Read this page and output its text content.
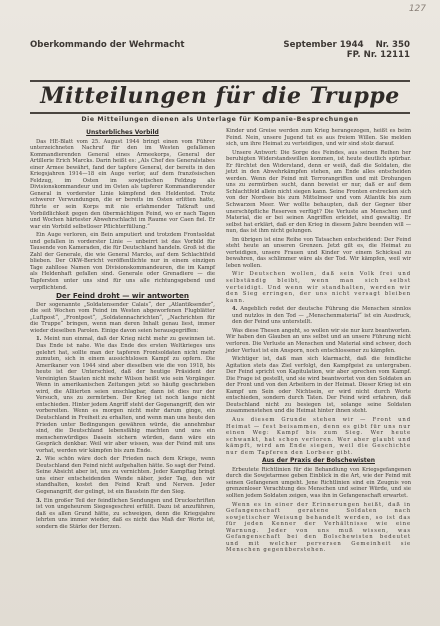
127
Oberkommando der Wehrmacht	September 1944 Nr. 350
FP. Nr. 12111
Mitteilungen für die Truppe
Die Mitteilungen dienen als Unterlage für Kompanie-Besprechungen
Unsterbliches Vorbild

Das HE-Blatt vom 25. August 1944 bringt einen vom Führer unterzeichneten Nachruf für den im Westen gefallenen Kommandierenden General eines Armeekorps, General der Artillerie Erich Marcks. Darin heißt es: „Als Chef des Generalstabes einer Armee bewährt, fand der tapfere General, der bereits in den Kriegsjahren 1914—18 ein Auge verlor, auf dem französischen Feldzug, im Osten im sowjetischen Feldzug als Divisionskommandeur und im Osten als tapferer Kommandierender General in vorderster Linie kämpfend den Heldentod. Trotz schwerer Verwundungen, die er bereits im Osten erlitten hatte, führte er sein Korps mit nie erlahmender Tatkraft und Vorbildlichkeit gegen den übermächtigen Feind, wo er nach Tagen und Wochen härtester Abwehrschlacht im Raume vor Caen fiel. Er war ein Vorbild selbstloser Pflichterfüllung.“

Ein Auge verloren, ein Bein amputiert und trotzdem Frontsoldat und gefallen in vorderster Linie — unbeirrt ist das Vorbild für Tausende von Kameraden, die für Deutschland handeln. Groß ist die Zahl der Generale, die wie General Marcks, auf dem Schlachtfeld blieben. Der OKW-Bericht veröffentlichte nur in einem einzigen Tage zahllose Namen von Divisionskommandeuren, die im Kampf als Heldenhaft gefallen sind. Generale oder Grenadiere — die Tapfersten unter uns sind für uns alle richtungsgebend und verpflichtend.

Der Feind droht — wir antworten

Der sogenannte „Soldatensender Calais“, der „Atlantiksender“, die seit Wochen vom Feind im Westen abgeworfenen Flugblätter „Luftpost“, „Frontpost“, „Soldatennachrichten“, „Nachrichten für die Truppe“ bringen, wenn man deren Inhalt genau liest, immer wieder dieselben Parolen. Einige davon seien herausgegriffen:

1. Meint nun einmal, daß der Krieg nicht mehr zu gewinnen ist. Das Ende ist nahe. Wie das Ende des ersten Weltkrieges uns gelehrt hat, sollte man der tapferen Frontsoldaten nicht mehr zumuten, sich in einem aussichtslosen Kampf zu opfern. Die Amerikaner von 1944 sind aber dieselben wie die von 1918, bis heute ist der Unterschied, daß der heutige Präsident der Vereinigten Staaten nicht mehr Wilson heißt wie sein Vorgänger. Wenn in amerikanischen Zeitungen jetzt so häufig geschrieben wird, die Alliierten seien unschlagbar, dann ist dies nur der Versuch, uns zu zermürben. Der Krieg ist noch lange nicht entschieden. Hinter jedem Angriff steht der Gegenangriff, den wir vorbereiten. Wenn es morgen nicht mehr darum ginge, ein Deutschland in Freiheit zu erhalten, und wenn man uns heute den Frieden unter Bedingungen gewähren würde, die annehmbar sind, die Deutschland lebensfähig machten und uns ein menschenwürdiges Dasein sichern würden, dann wäre ein Gespräch denkbar. Weil wir aber wissen, was der Feind mit uns vorhat, werden wir kämpfen bis zum Ende.

2. Wie schön wäre doch der Frieden nach dem Kriege, wenn Deutschland den Feind nicht aufgehalten hätte. So sagt der Feind. Seine Absicht aber ist, uns zu vernichten. Jeder Kampftag bringt uns einer entscheidenden Wende näher, jeder Tag, den wir standhalten, kostet den Feind Kraft und Nerven. Jeder Gegenangriff, der gelingt, ist ein Baustein für den Sieg.

3. Ein großer Teil der feindlichen Sendungen und Druckschriften ist von ungeheurem Siegesgeschrei erfüllt. Dazu ist anzuführen, daß es allen Grund hätte, zu schweigen, denn die Kriegsjahre lehrten uns immer wieder, daß es nicht das Maß der Worte ist, sondern die Stärke der Herzen.

Kinder und Greise werden zum Krieg herangezogen, heißt es beim Feind. Nein, unsere Jugend tut es aus freiem Willen. Sie melden sich, um ihre Heimat zu verteidigen, und wir sind stolz darauf.

Unsere Antwort: Die Sorge des Feindes, aus seinen Reihen her beruhigten Widerstandswillen kommen, ist heute deutlich spürbar. Er fürchtet den Widerstand, denn er weiß, daß die Soldaten, die jetzt in den Abwehrkämpfen stehen, am Ende alles entscheiden werden. Wenn der Feind mit Terrorangriffen und mit Drohungen uns zu zermürben sucht, dann beweist er nur, daß er auf dem Schlachtfeld allein nicht siegen kann. Seine Fronten erstrecken sich von der Nordsee bis zum Mittelmeer und vom Atlantik bis zum Schwarzen Meer. Wer wollte behaupten, daß der Gegner über unerschöpfliche Reserven verfügt? Die Verluste an Menschen und Material, die er bei seinen Angriffen erleidet, sind gewaltig. Er selbst hat erklärt, daß er den Krieg in diesem Jahre beenden will — nun, das ist ihm nicht gelungen.

Im übrigen ist eine Reihe von Tatsachen entscheidend: Der Feind steht heute an unseren Grenzen. Jetzt gilt es, die Heimat zu verteidigen, unsere Frauen und Kinder vor einem Schicksal zu bewahren, das schlimmer wäre als der Tod. Wir kämpfen, weil wir leben wollen.

Wir Deutschen wollen, daß sein Volk frei und selbständig bleibt, wenn man sich selbst verteidigt. Und wenn wir standhalten, werden wir den Sieg erringen, der uns nicht versagt bleiben kann.

4. Angeblich redet der deutsche Führung die Menschen sinnlos und nutzlos in den Tod — „Menschenmaterial“ ist ein Ausdruck, den der Feind uns unterstellt.

Was diese Thesen angeht, so wollen wir sie nur kurz beantworten. Wir haben den Glauben an uns selbst und an unsere Führung nicht verloren. Die Verluste an Menschen und Material sind schwer, doch jeder Verlust ist ein Ansporn, noch entschlossener zu kämpfen.

Wichtiger ist, daß man sich klarmacht, daß die feindliche Agitation stets das Ziel verfolgt, den Kampfgeist zu untergraben. Der Feind spricht von Kapitulation, wir aber sprechen vom Kampf. Die Frage ist gestellt, und sie wird beantwortet von den Soldaten an der Front und von den Arbeitern in der Heimat. Dieser Krieg ist ein Kampf um Sein oder Nichtsein, er wird nicht durch Worte entschieden, sondern durch Taten. Der Feind wird erfahren, daß Deutschland nicht zu besiegen ist, solange seine Soldaten zusammenstehen und die Heimat hinter ihnen steht.

Aus diesem Grunde stehen wir — Front und Heimat — fest beisammen, denn es gibt für uns nur einen Weg: Kampf bis zum Sieg. Wer heute schwankt, hat schon verloren. Wer aber glaubt und kämpft, wird am Ende siegen, weil die Geschichte nur dem Tapferen den Lorbeer gibt.

Aus der Praxis der Bolschewisten

Erbeutete Richtlinien für die Behandlung von Kriegsgefangenen durch die Sowjetarmee geben Einblick in die Art, wie der Feind mit seinen Gefangenen umgeht. Jene Richtlinien sind ein Zeugnis von grenzenloser Verachtung des Menschen und seiner Würde, und sie sollten jedem Soldaten zeigen, was ihn in Gefangenschaft erwartet.

Wenn es in einer der Erinnerungen heißt, daß in Gefangenschaft geratene Soldaten nach sowjetischer Weisung behandelt werden, so ist das für jeden Kenner der Verhältnisse wie eine Warnung. Jeder von uns muß wissen, was Gefangenschaft bei den Bolschewisten bedeutet und mit welcher perversen Gemeinheit sie Menschen gegenüberstehen.
